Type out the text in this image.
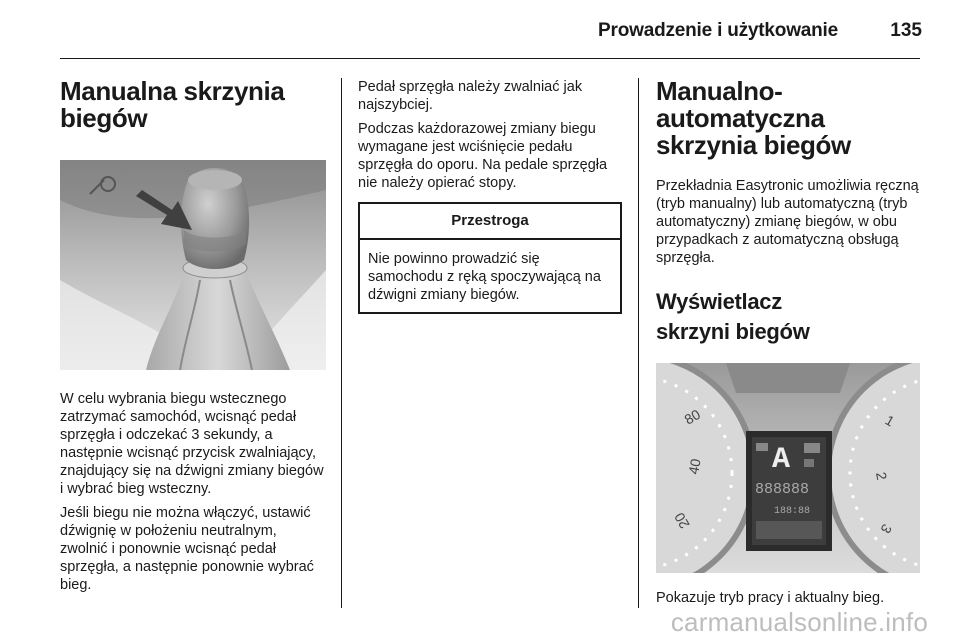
Prowadzenie i użytkowanie	135
Manualna skrzynia biegów

W celu wybrania biegu wstecznego zatrzymać samochód, wcisnąć pedał sprzęgła i odczekać 3 sekundy, a następnie wcisnąć przycisk zwalniający, znajdujący się na dźwigni zmiany biegów i wybrać bieg wsteczny.

Jeśli biegu nie można włączyć, ustawić dźwignię w położeniu neutralnym, zwolnić i ponownie wcisnąć pedał sprzęgła, a następnie ponownie wybrać bieg.

Pedał sprzęgła należy zwalniać jak najszybciej.

Podczas każdorazowej zmiany biegu wymagane jest wciśnięcie pedału sprzęgła do oporu. Na pedale sprzęgła nie należy opierać stopy.

Przestroga
Nie powinno prowadzić się samochodu z ręką spoczywającą na dźwigni zmiany biegów.
Manualno-automatyczna skrzynia biegów

Przekładnia Easytronic umożliwia ręczną (tryb manualny) lub automatyczną (tryb automatyczny) zmianę biegów, w obu przypadkach z automatyczną obsługą sprzęgła.

Wyświetlacz skrzyni biegów
80
40
20
1
2
3
A
888888
188:88

Pokazuje tryb pracy i aktualny bieg.

carmanualsonline.info
